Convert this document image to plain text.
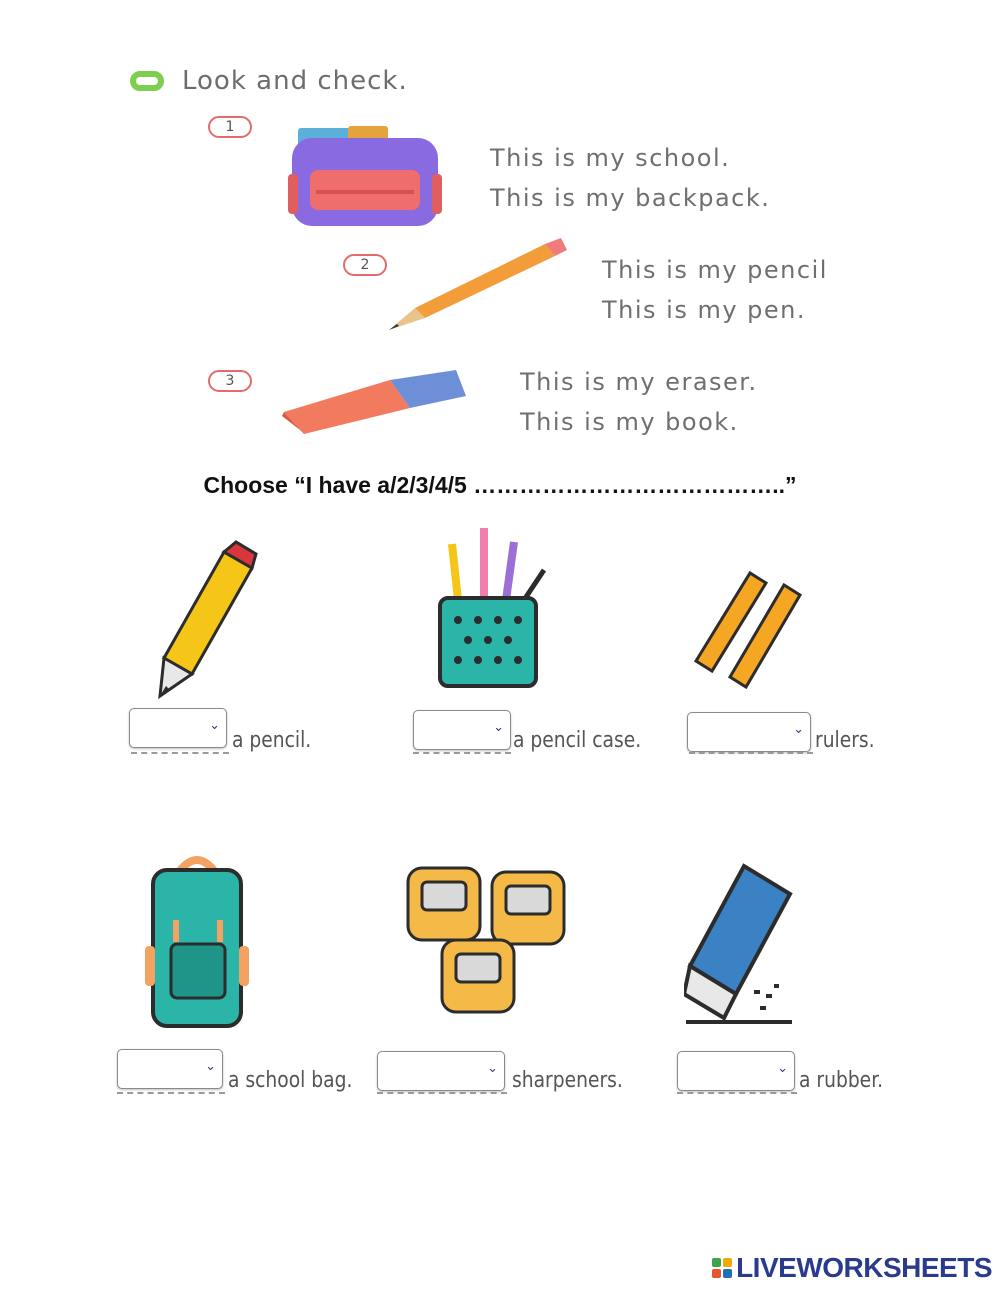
Look and check.
1
This is my school.
This is my backpack.
2	This is my pencil
This is my pen.
3	This is my eraser.
This is my book.
Choose “I have a/2/3/4/5 …………………………………..”
⌄
a pencil.
⌄
a pencil case.	⌄ rulers.
⌄
a school bag.
⌄
sharpeners.
⌄
a rubber.
LIVEWORKSHEETS
